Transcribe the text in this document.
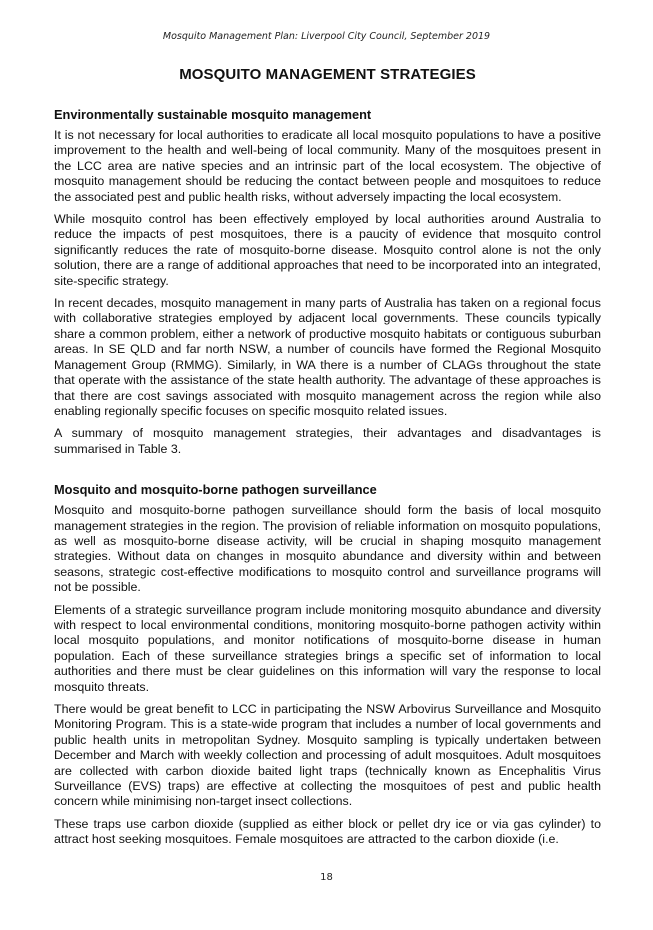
Mosquito Management Plan: Liverpool City Council, September 2019
MOSQUITO MANAGEMENT STRATEGIES
Environmentally sustainable mosquito management

It is not necessary for local authorities to eradicate all local mosquito populations to have a positive improvement to the health and well-being of local community. Many of the mosquitoes present in the LCC area are native species and an intrinsic part of the local ecosystem. The objective of mosquito management should be reducing the contact between people and mosquitoes to reduce the associated pest and public health risks, without adversely impacting the local ecosystem.

While mosquito control has been effectively employed by local authorities around Australia to reduce the impacts of pest mosquitoes, there is a paucity of evidence that mosquito control significantly reduces the rate of mosquito-borne disease. Mosquito control alone is not the only solution, there are a range of additional approaches that need to be incorporated into an integrated, site-specific strategy.

In recent decades, mosquito management in many parts of Australia has taken on a regional focus with collaborative strategies employed by adjacent local governments. These councils typically share a common problem, either a network of productive mosquito habitats or contiguous suburban areas. In SE QLD and far north NSW, a number of councils have formed the Regional Mosquito Management Group (RMMG). Similarly, in WA there is a number of CLAGs throughout the state that operate with the assistance of the state health authority. The advantage of these approaches is that there are cost savings associated with mosquito management across the region while also enabling regionally specific focuses on specific mosquito related issues.

A summary of mosquito management strategies, their advantages and disadvantages is summarised in Table 3.

Mosquito and mosquito-borne pathogen surveillance

Mosquito and mosquito-borne pathogen surveillance should form the basis of local mosquito management strategies in the region. The provision of reliable information on mosquito populations, as well as mosquito-borne disease activity, will be crucial in shaping mosquito management strategies. Without data on changes in mosquito abundance and diversity within and between seasons, strategic cost-effective modifications to mosquito control and surveillance programs will not be possible.

Elements of a strategic surveillance program include monitoring mosquito abundance and diversity with respect to local environmental conditions, monitoring mosquito-borne pathogen activity within local mosquito populations, and monitor notifications of mosquito-borne disease in human population. Each of these surveillance strategies brings a specific set of information to local authorities and there must be clear guidelines on this information will vary the response to local mosquito threats.

There would be great benefit to LCC in participating the NSW Arbovirus Surveillance and Mosquito Monitoring Program. This is a state-wide program that includes a number of local governments and public health units in metropolitan Sydney. Mosquito sampling is typically undertaken between December and March with weekly collection and processing of adult mosquitoes. Adult mosquitoes are collected with carbon dioxide baited light traps (technically known as Encephalitis Virus Surveillance (EVS) traps) are effective at collecting the mosquitoes of pest and public health concern while minimising non-target insect collections.

These traps use carbon dioxide (supplied as either block or pellet dry ice or via gas cylinder) to attract host seeking mosquitoes. Female mosquitoes are attracted to the carbon dioxide (i.e.

18
